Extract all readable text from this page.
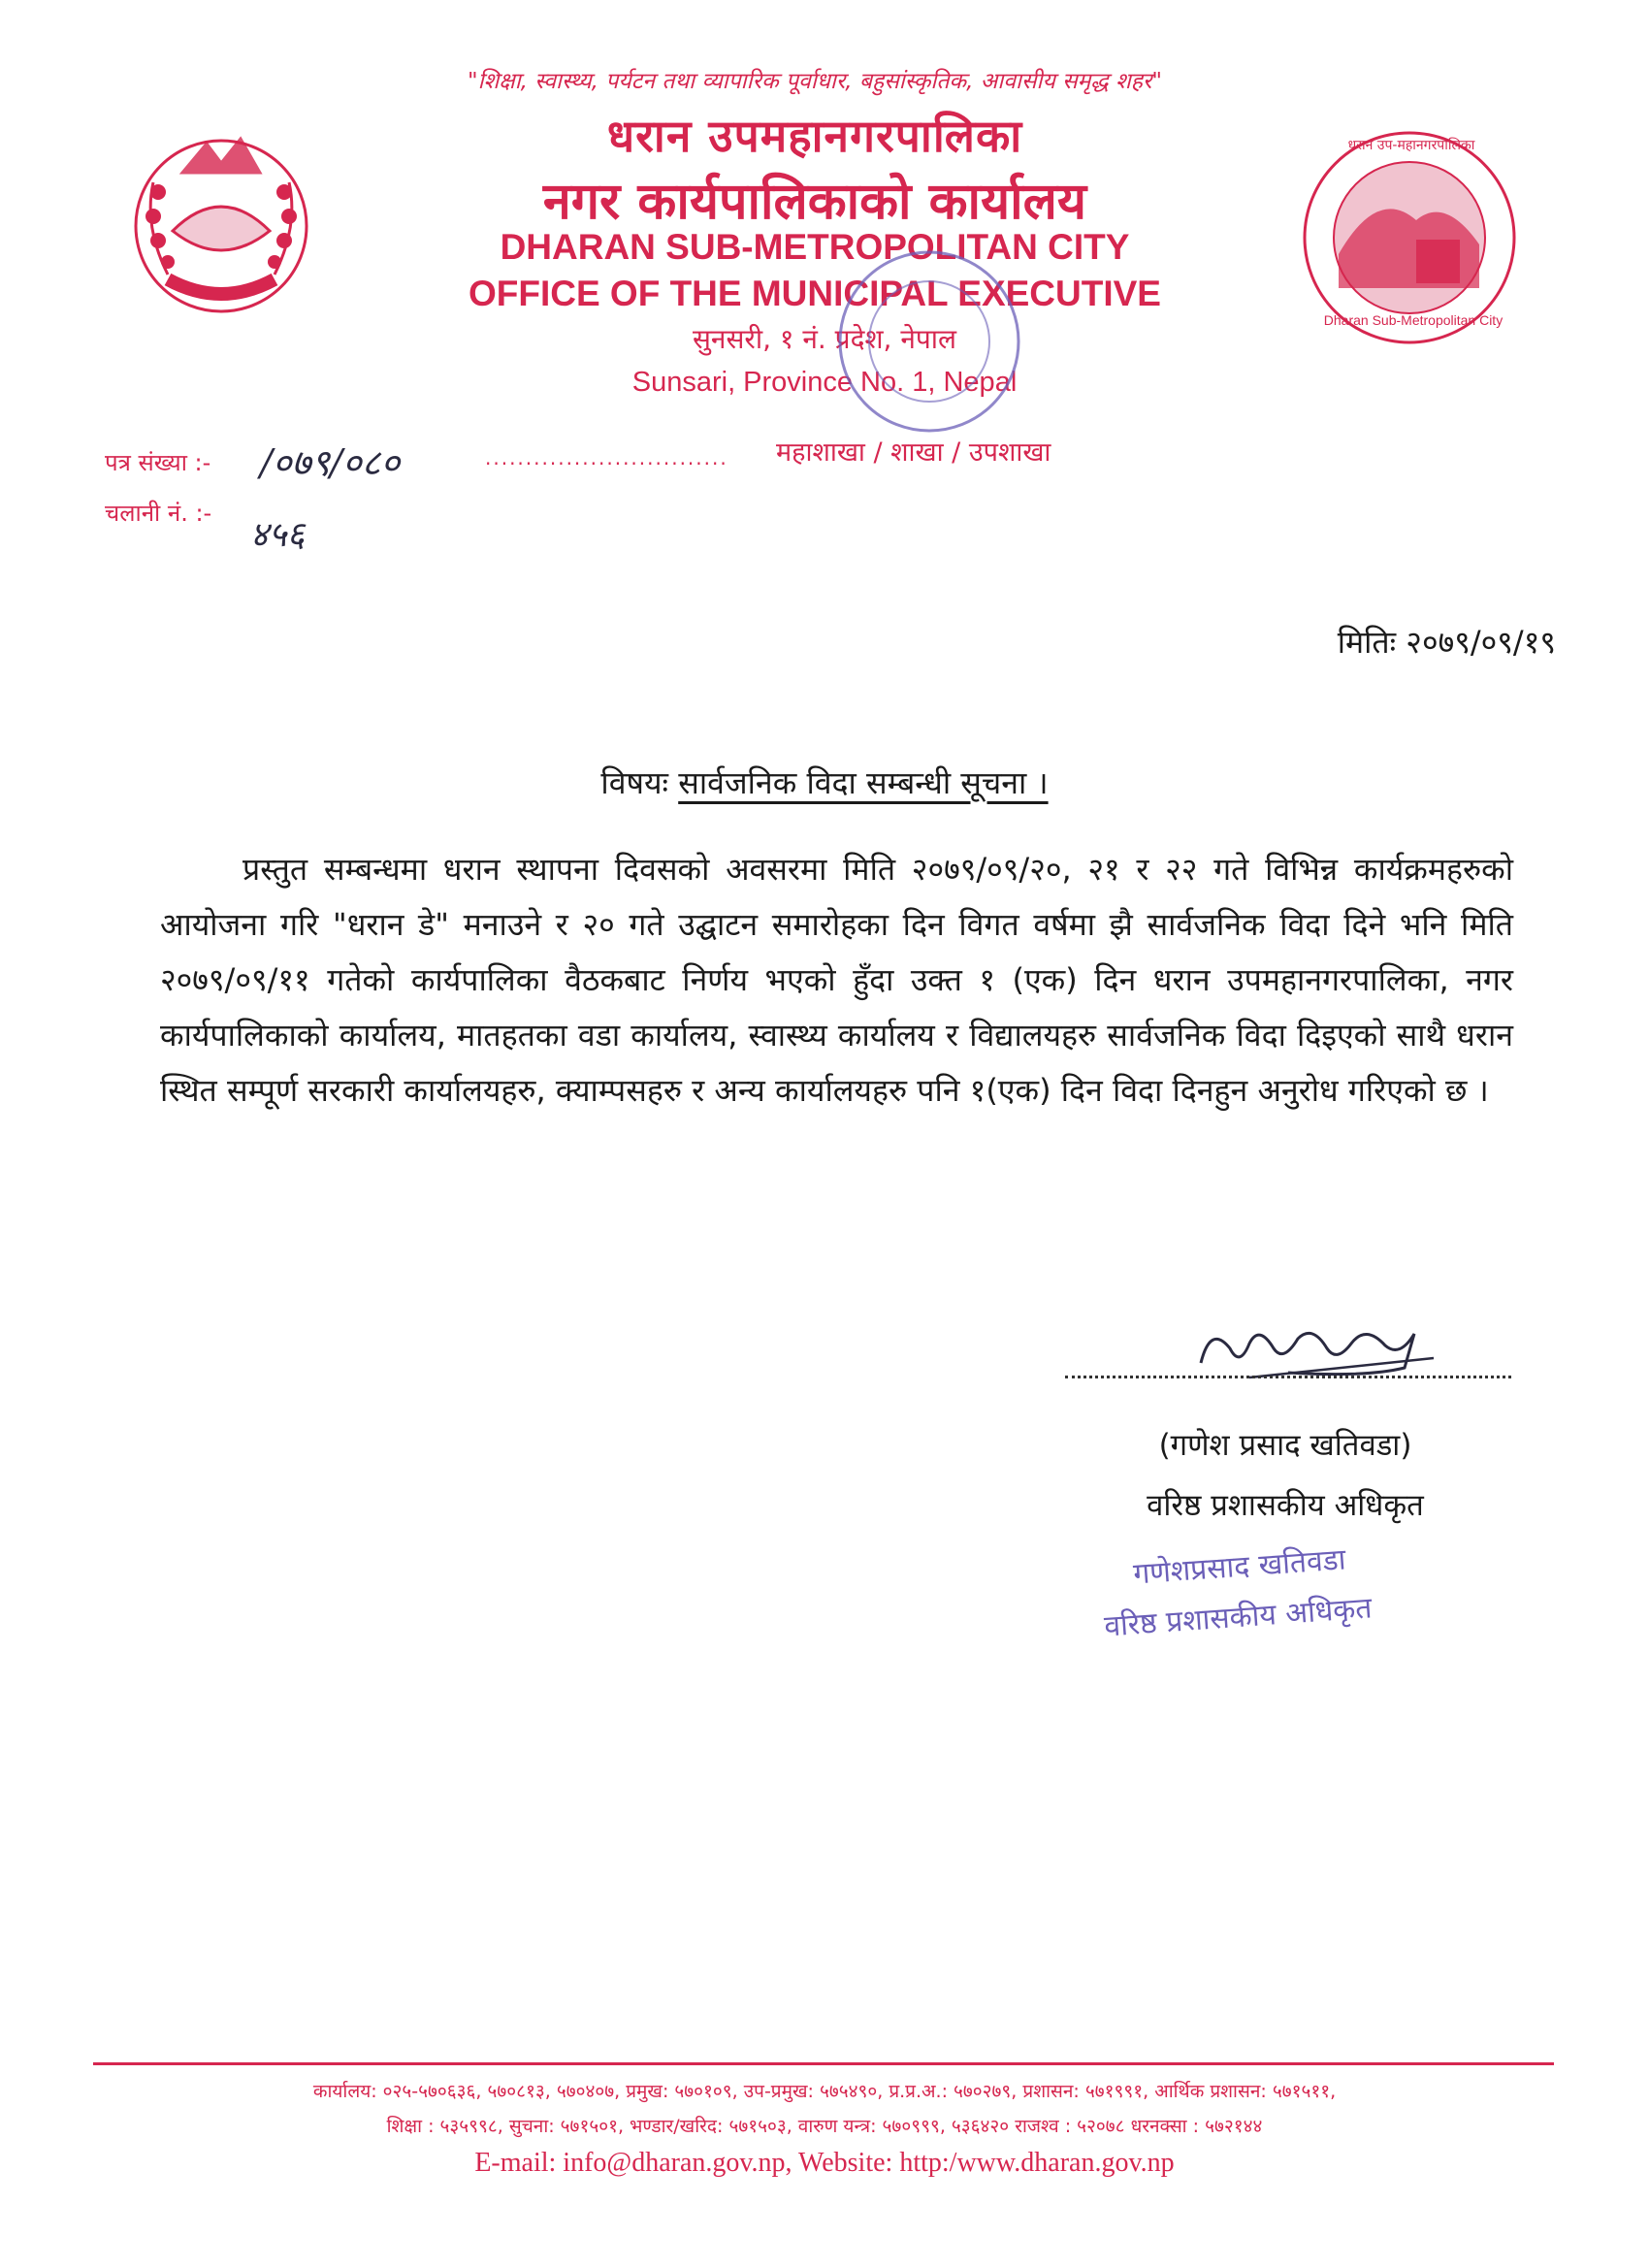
धरान उप-महानगरपालिका
Dharan Sub-Metropolitan City
"शिक्षा, स्वास्थ्य, पर्यटन तथा व्यापारिक पूर्वाधार, बहुसांस्कृतिक, आवासीय समृद्ध शहर"
धरान उपमहानगरपालिका
नगर कार्यपालिकाको कार्यालय
DHARAN SUB-METROPOLITAN CITY
OFFICE OF THE MUNICIPAL EXECUTIVE
सुनसरी, १ नं. प्रदेश, नेपाल
Sunsari, Province No. 1, Nepal
पत्र संख्या :- /०७९/०८०	.............................. महाशाखा / शाखा / उपशाखा
चलानी नं. :-
४५६
मितिः २०७९/०९/१९
विषयः सार्वजनिक विदा सम्बन्धी सूचना ।
प्रस्तुत सम्बन्धमा धरान स्थापना दिवसको अवसरमा मिति २०७९/०९/२०, २१ र २२ गते विभिन्न कार्यक्रमहरुको आयोजना गरि "धरान डे" मनाउने र २० गते उद्घाटन समारोहका दिन विगत वर्षमा झै सार्वजनिक विदा दिने भनि मिति २०७९/०९/११ गतेको कार्यपालिका वैठकबाट निर्णय भएको हुँदा उक्त १ (एक) दिन धरान उपमहानगरपालिका, नगर कार्यपालिकाको कार्यालय, मातहतका वडा कार्यालय, स्वास्थ्य कार्यालय र विद्यालयहरु सार्वजनिक विदा दिइएको साथै धरान स्थित सम्पूर्ण सरकारी कार्यालयहरु, क्याम्पसहरु र अन्य कार्यालयहरु पनि १(एक) दिन विदा दिनहुन अनुरोध गरिएको छ ।
(गणेश प्रसाद खतिवडा)
वरिष्ठ प्रशासकीय अधिकृत
गणेशप्रसाद खतिवडा
वरिष्ठ प्रशासकीय अधिकृत
कार्यालय: ०२५-५७०६३६, ५७०८१३, ५७०४०७, प्रमुख: ५७०१०९, उप-प्रमुख: ५७५४९०, प्र.प्र.अ.: ५७०२७९, प्रशासन: ५७१९९१, आर्थिक प्रशासन: ५७१५११,
शिक्षा : ५३५९९८, सुचना: ५७१५०१, भण्डार/खरिद: ५७१५०३, वारुण यन्त्र: ५७०९९९, ५३६४२० राजश्व : ५२०७८ धरनक्सा : ५७२१४४
E-mail: info@dharan.gov.np, Website: http:/www.dharan.gov.np
